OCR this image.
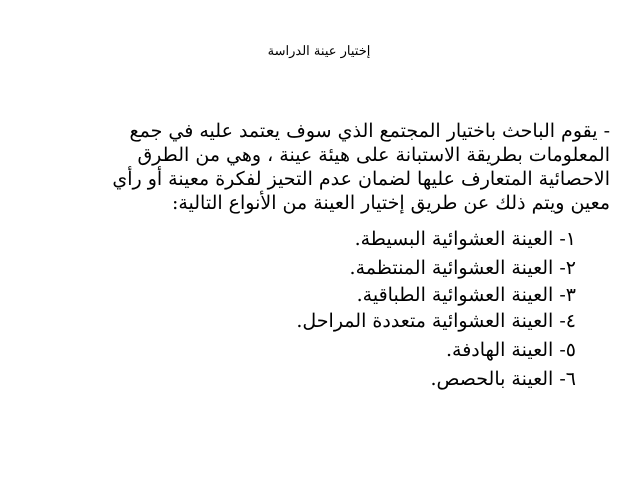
إختيار عينة الدراسة
- يقوم الباحث باختيار المجتمع الذي سوف يعتمد عليه في جمع
المعلومات بطريقة الاستبانة على هيئة عينة ، وهي من الطرق
الاحصائية المتعارف عليها لضمان عدم التحيز لفكرة معينة أو رأي
معين ويتم ذلك عن طريق إختيار العينة من الأنواع التالية:
١- العينة العشوائية البسيطة.
٢- العينة العشوائية المنتظمة.
٣- العينة العشوائية الطباقية.
٤- العينة العشوائية متعددة المراحل.
٥- العينة الهادفة.
٦- العينة بالحصص.
